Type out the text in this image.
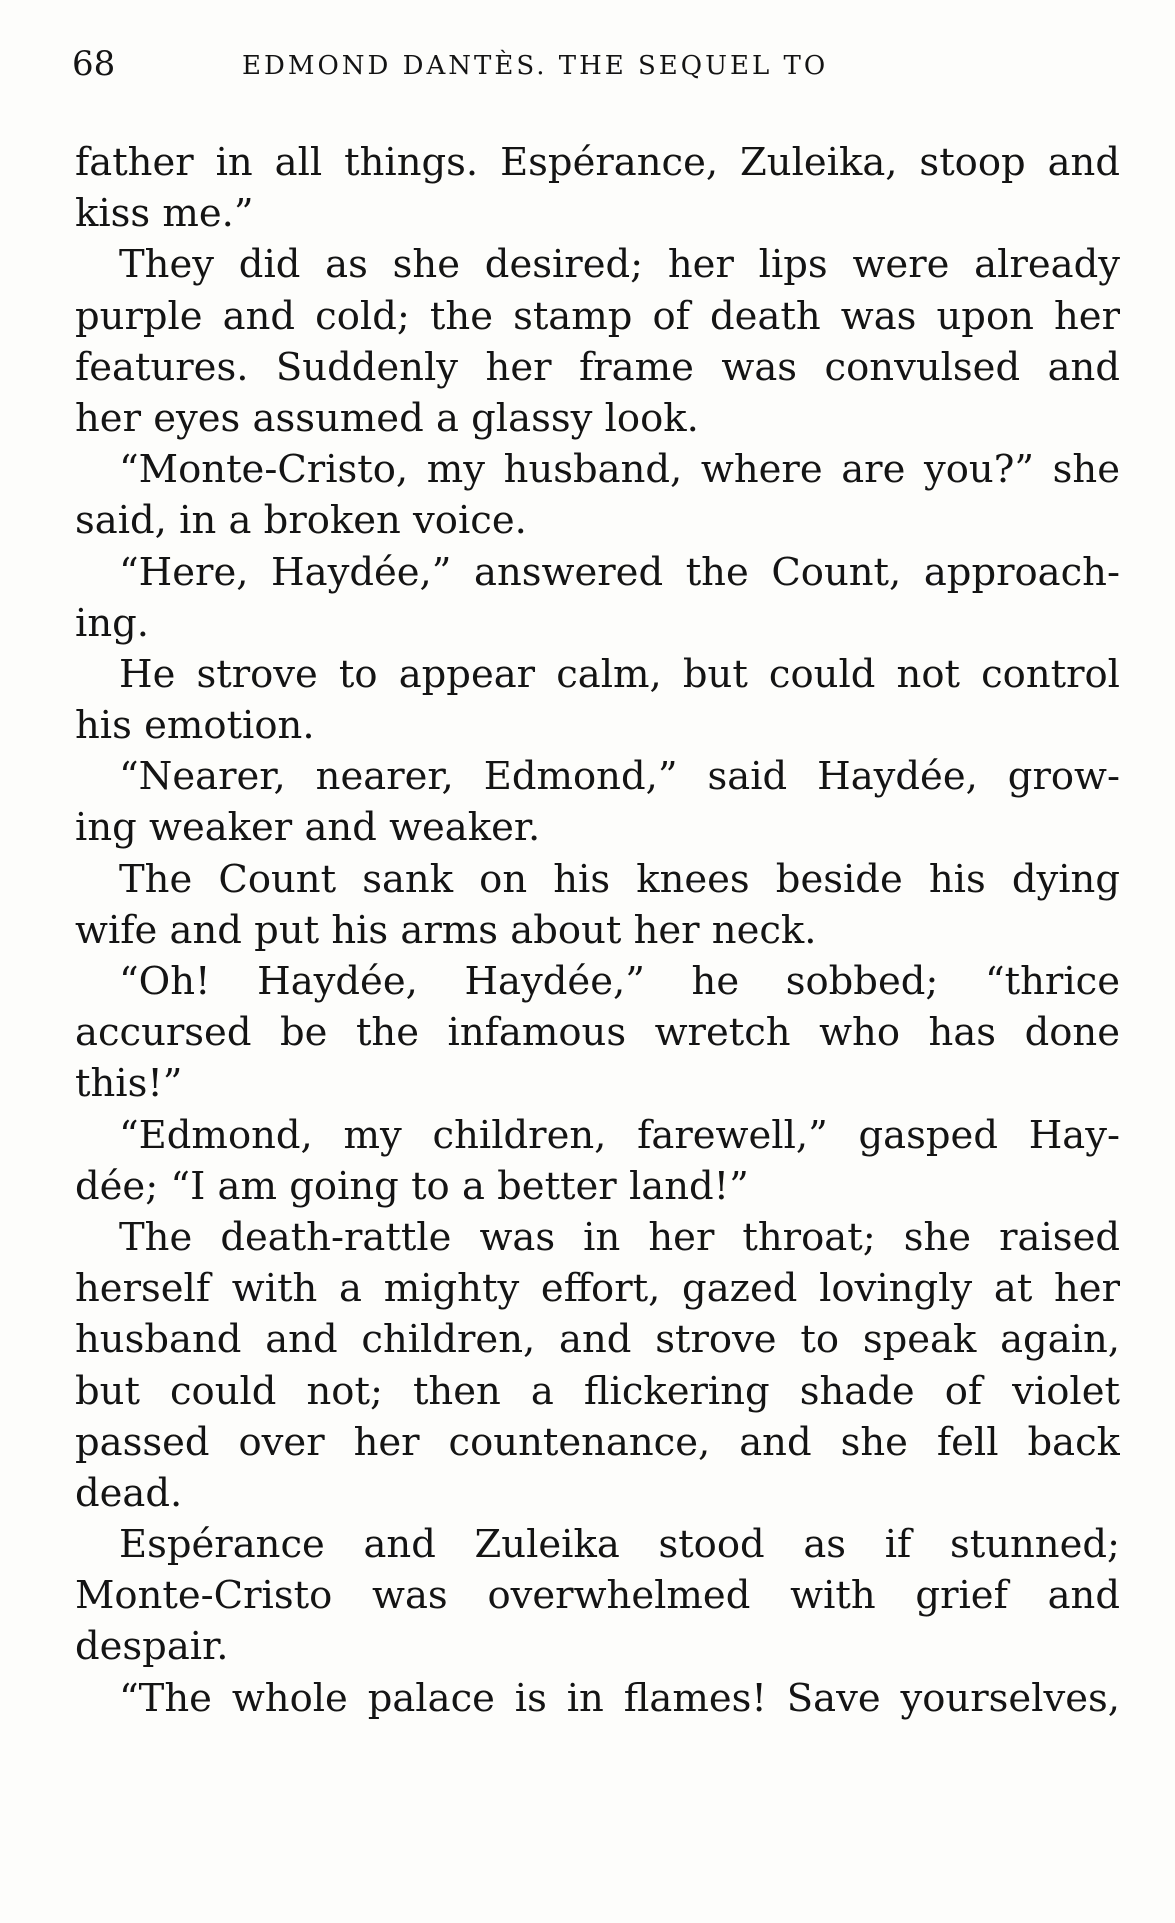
68	EDMOND DANTÈS. THE SEQUEL TO
father in all things. Espérance, Zuleika, stoop and
kiss me.”
They did as she desired; her lips were already
purple and cold; the stamp of death was upon her
features. Suddenly her frame was convulsed and
her eyes assumed a glassy look.
“Monte-Cristo, my husband, where are you?” she
said, in a broken voice.
“Here, Haydée,” answered the Count, approach-
ing.
He strove to appear calm, but could not control
his emotion.
“Nearer, nearer, Edmond,” said Haydée, grow-
ing weaker and weaker.
The Count sank on his knees beside his dying
wife and put his arms about her neck.
“Oh! Haydée, Haydée,” he sobbed; “thrice
accursed be the infamous wretch who has done
this!”
“Edmond, my children, farewell,” gasped Hay-
dée; “I am going to a better land!”
The death-rattle was in her throat; she raised
herself with a mighty effort, gazed lovingly at her
husband and children, and strove to speak again,
but could not; then a flickering shade of violet
passed over her countenance, and she fell back
dead.
Espérance and Zuleika stood as if stunned;
Monte-Cristo was overwhelmed with grief and
despair.
“The whole palace is in flames! Save yourselves,
